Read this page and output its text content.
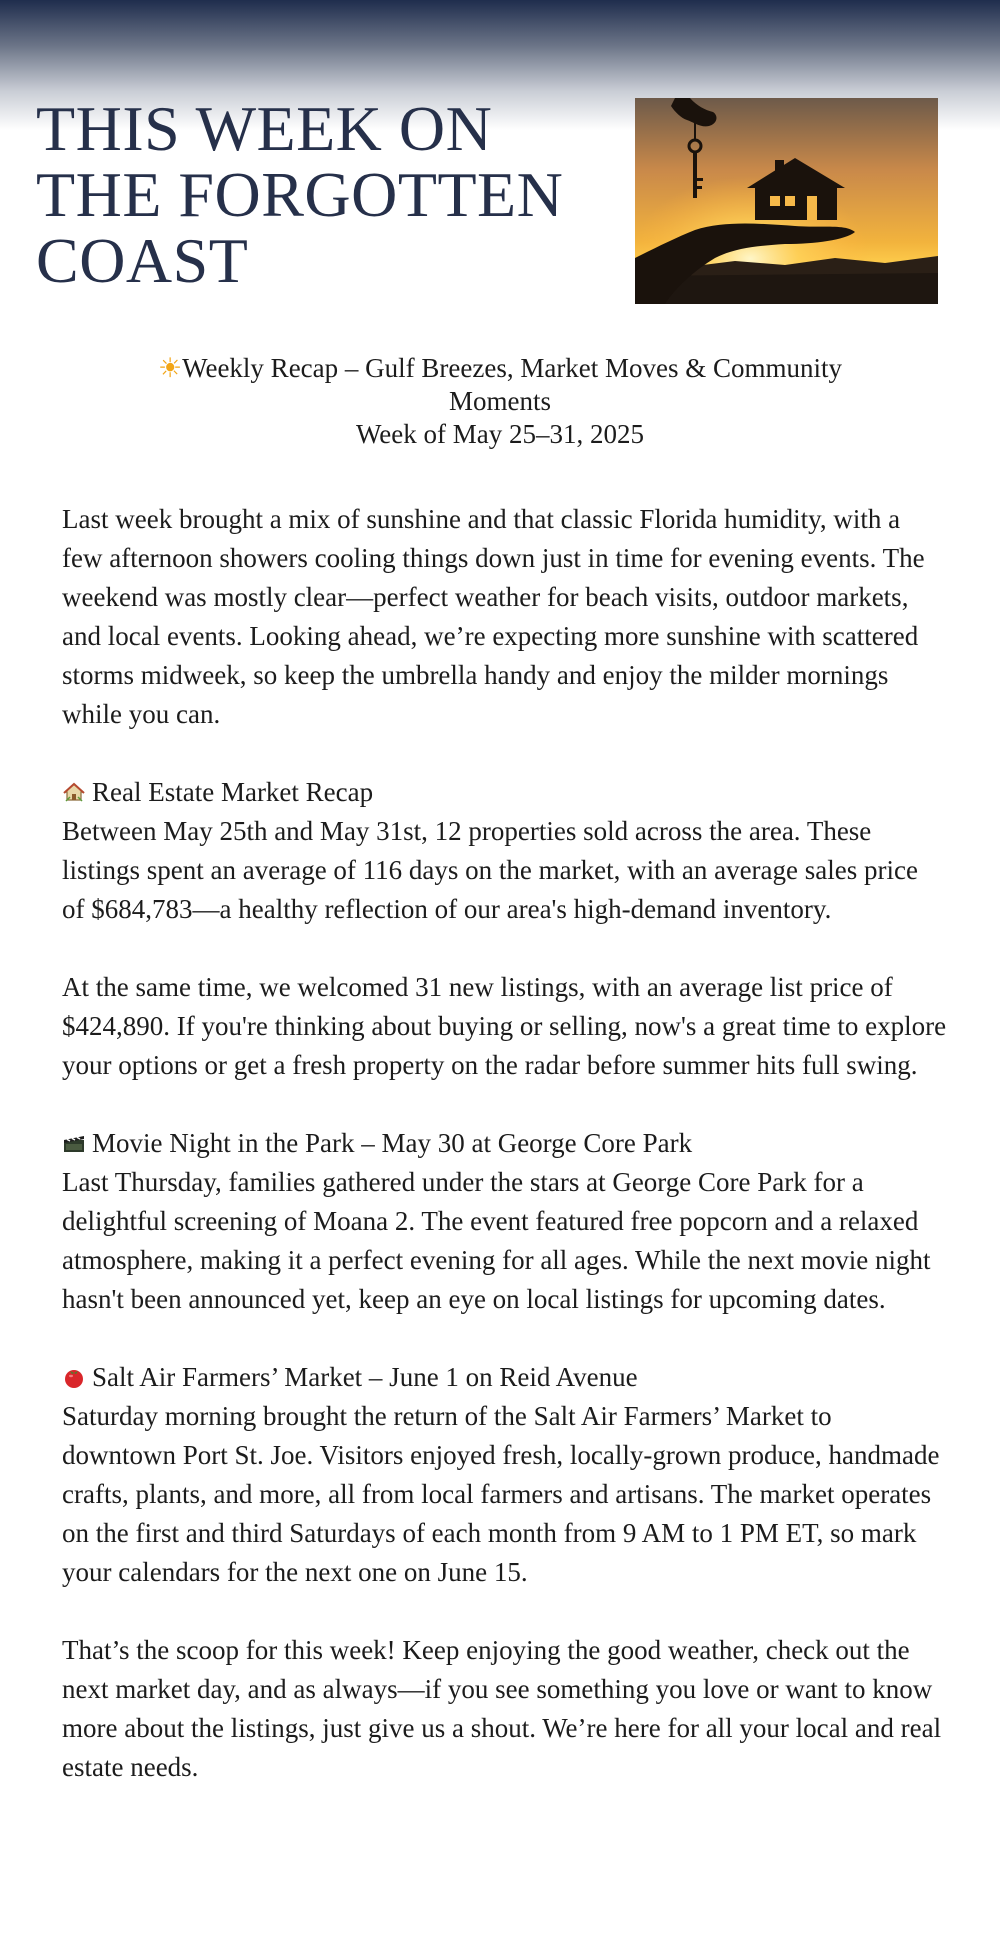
THIS WEEK ON
THE FORGOTTEN
COAST
☀Weekly Recap – Gulf Breezes, Market Moves & Community
Moments
Week of May 25–31, 2025

Last week brought a mix of sunshine and that classic Florida humidity, with a few afternoon showers cooling things down just in time for evening events. The weekend was mostly clear—perfect weather for beach visits, outdoor markets, and local events. Looking ahead, we’re expecting more sunshine with scattered storms midweek, so keep the umbrella handy and enjoy the milder mornings while you can.

Real Estate Market Recap
Between May 25th and May 31st, 12 properties sold across the area. These listings spent an average of 116 days on the market, with an average sales price of $684,783—a healthy reflection of our area's high-demand inventory.

At the same time, we welcomed 31 new listings, with an average list price of $424,890. If you're thinking about buying or selling, now's a great time to explore your options or get a fresh property on the radar before summer hits full swing.

Movie Night in the Park – May 30 at George Core Park
Last Thursday, families gathered under the stars at George Core Park for a delightful screening of Moana 2. The event featured free popcorn and a relaxed atmosphere, making it a perfect evening for all ages. While the next movie night hasn't been announced yet, keep an eye on local listings for upcoming dates.

Salt Air Farmers’ Market – June 1 on Reid Avenue
Saturday morning brought the return of the Salt Air Farmers’ Market to downtown Port St. Joe. Visitors enjoyed fresh, locally-grown produce, handmade crafts, plants, and more, all from local farmers and artisans. The market operates on the first and third Saturdays of each month from 9 AM to 1 PM ET, so mark your calendars for the next one on June 15.

That’s the scoop for this week! Keep enjoying the good weather, check out the next market day, and as always—if you see something you love or want to know more about the listings, just give us a shout. We’re here for all your local and real estate needs.
